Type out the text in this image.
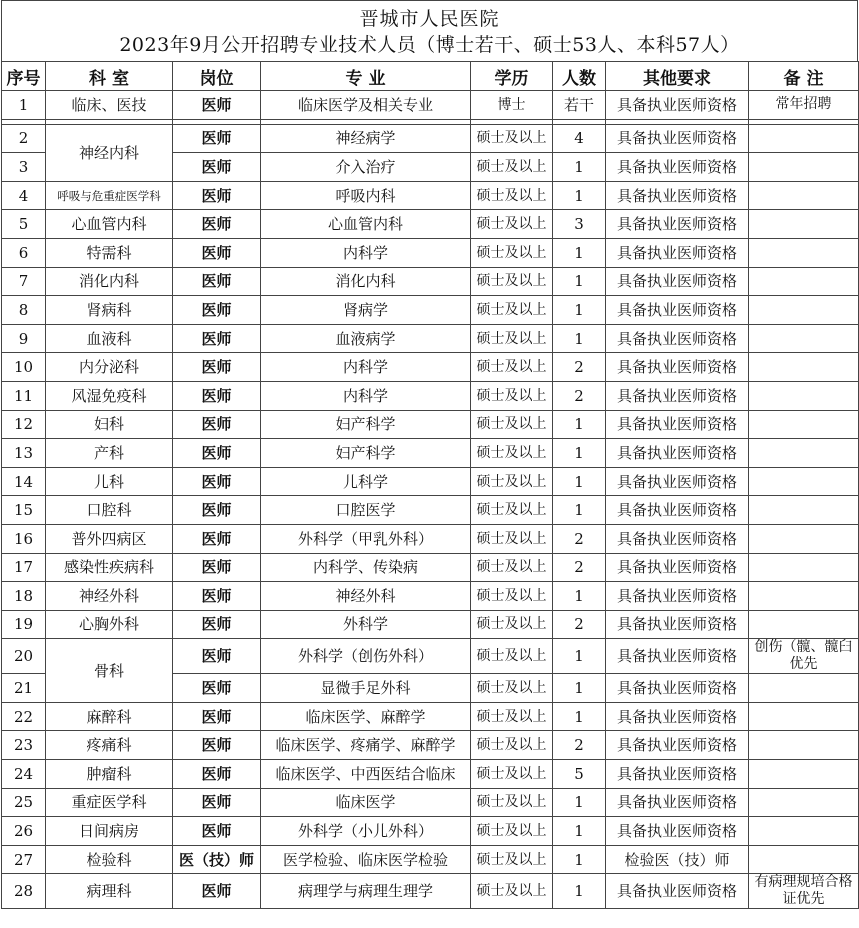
晋城市人民医院
2023年9月公开招聘专业技术人员（博士若干、硕士53人、本科57人）
序号	科 室	岗位	专 业	学历	人数	其他要求	备 注
1	临床、医技	医师	临床医学及相关专业	博士	若干	具备执业医师资格	常年招聘

2	神经内科	医师	神经病学	硕士及以上	4	具备执业医师资格	
3		医师	介入治疗	硕士及以上	1	具备执业医师资格	
4	呼吸与危重症医学科	医师	呼吸内科	硕士及以上	1	具备执业医师资格	
5	心血管内科	医师	心血管内科	硕士及以上	3	具备执业医师资格	
6	特需科	医师	内科学	硕士及以上	1	具备执业医师资格	
7	消化内科	医师	消化内科	硕士及以上	1	具备执业医师资格	
8	肾病科	医师	肾病学	硕士及以上	1	具备执业医师资格	
9	血液科	医师	血液病学	硕士及以上	1	具备执业医师资格	
10	内分泌科	医师	内科学	硕士及以上	2	具备执业医师资格	
11	风湿免疫科	医师	内科学	硕士及以上	2	具备执业医师资格	
12	妇科	医师	妇产科学	硕士及以上	1	具备执业医师资格	
13	产科	医师	妇产科学	硕士及以上	1	具备执业医师资格	
14	儿科	医师	儿科学	硕士及以上	1	具备执业医师资格	
15	口腔科	医师	口腔医学	硕士及以上	1	具备执业医师资格	
16	普外四病区	医师	外科学（甲乳外科）	硕士及以上	2	具备执业医师资格	
17	感染性疾病科	医师	内科学、传染病	硕士及以上	2	具备执业医师资格	
18	神经外科	医师	神经外科	硕士及以上	1	具备执业医师资格	
19	心胸外科	医师	外科学	硕士及以上	2	具备执业医师资格	
20	骨科	医师	外科学（创伤外科）	硕士及以上	1	具备执业医师资格	创伤（髋、髋臼优先
21		医师	显微手足外科	硕士及以上	1	具备执业医师资格	
22	麻醉科	医师	临床医学、麻醉学	硕士及以上	1	具备执业医师资格	
23	疼痛科	医师	临床医学、疼痛学、麻醉学	硕士及以上	2	具备执业医师资格	
24	肿瘤科	医师	临床医学、中西医结合临床	硕士及以上	5	具备执业医师资格	
25	重症医学科	医师	临床医学	硕士及以上	1	具备执业医师资格	
26	日间病房	医师	外科学（小儿外科）	硕士及以上	1	具备执业医师资格	
27	检验科	医（技）师	医学检验、临床医学检验	硕士及以上	1	检验医（技）师	
28	病理科	医师	病理学与病理生理学	硕士及以上	1	具备执业医师资格	有病理规培合格证优先
